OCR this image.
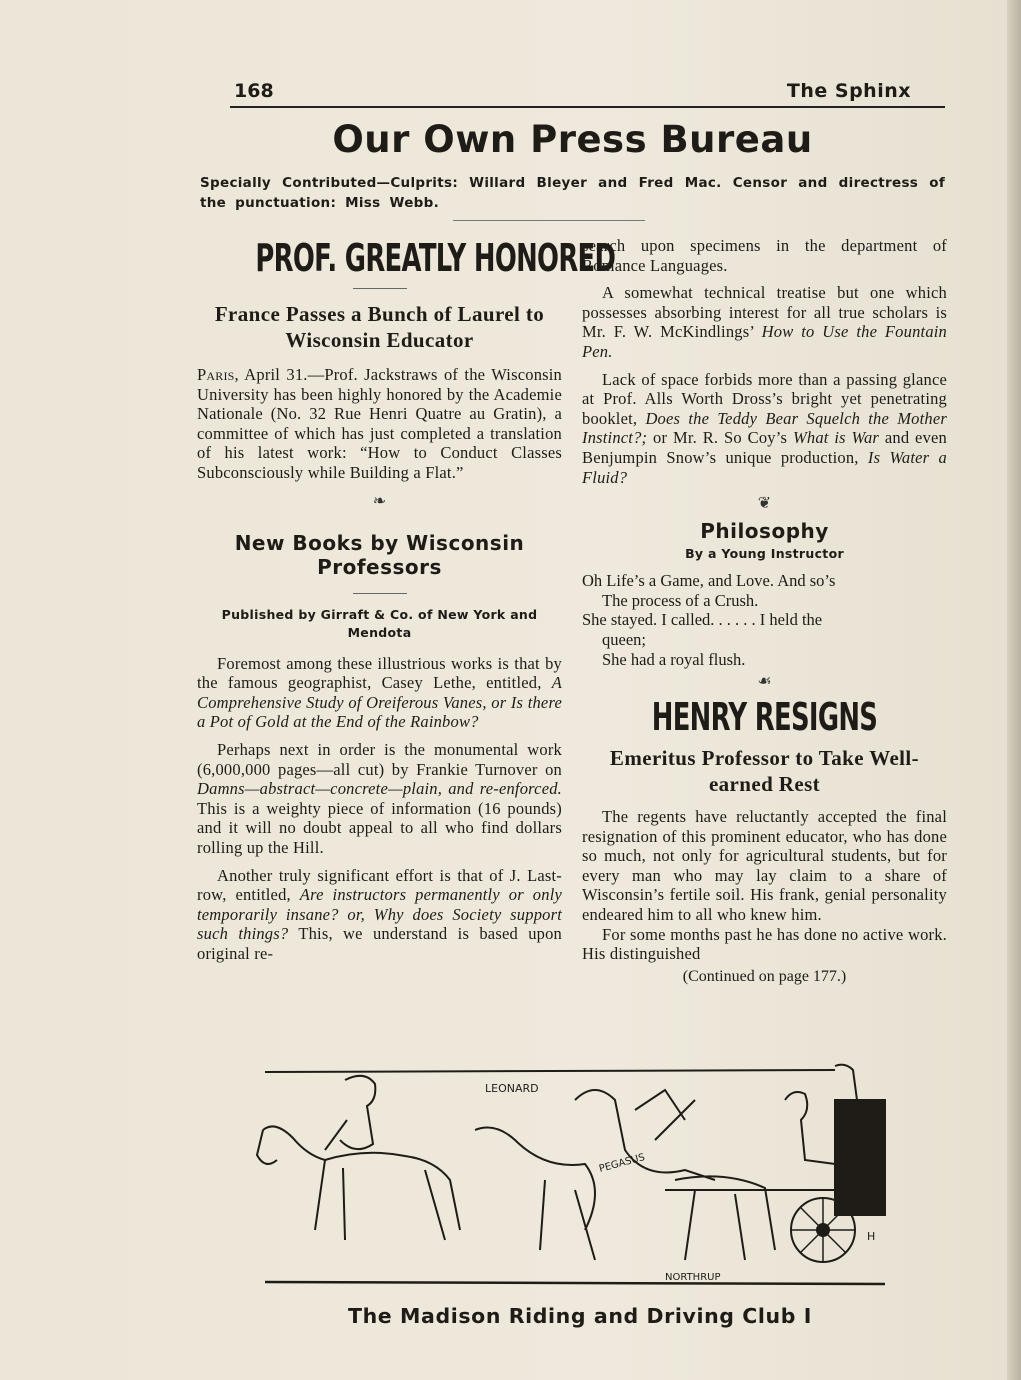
168	The Sphinx
Our Own Press Bureau
Specially Contributed—Culprits: Willard Bleyer and Fred Mac. Censor and directress of the punctuation: Miss Webb.
PROF. GREATLY HONORED
France Passes a Bunch of Laurel to Wisconsin Educator

Paris, April 31.—Prof. Jackstraws of the Wisconsin University has been highly honored by the Academie Nationale (No. 32 Rue Henri Quatre au Gratin), a committee of which has just completed a translation of his latest work: “How to Conduct Classes Subconsciously while Building a Flat.”

❧
New Books by Wisconsin Professors
Published by Girraft & Co. of New York and Mendota

Foremost among these illustrious works is that by the famous geographist, Casey Lethe, entitled, A Comprehensive Study of Oreiferous Vanes, or Is there a Pot of Gold at the End of the Rainbow?

Perhaps next in order is the monumental work (6,000,000 pages—all cut) by Frankie Turnover on Damns—abstract—concrete—plain, and re-enforced. This is a weighty piece of information (16 pounds) and it will no doubt appeal to all who find dollars rolling up the Hill.

Another truly significant effort is that of J. Last-row, entitled, Are instructors permanently or only temporarily insane? or, Why does Society support such things? This, we understand is based upon original re-

search upon specimens in the department of Romance Languages.

A somewhat technical treatise but one which possesses absorbing interest for all true scholars is Mr. F. W. McKindlings’ How to Use the Fountain Pen.

Lack of space forbids more than a passing glance at Prof. Alls Worth Dross’s bright yet penetrating booklet, Does the Teddy Bear Squelch the Mother Instinct?; or Mr. R. So Coy’s What is War and even Benjumpin Snow’s unique production, Is Water a Fluid?

❦
Philosophy
By a Young Instructor
Oh Life’s a Game, and Love. And so’s
The process of a Crush.
She stayed. I called. . . . . . I held the
queen;
She had a royal flush.
☙
HENRY RESIGNS
Emeritus Professor to Take Well-earned Rest

The regents have reluctantly accepted the final resignation of this prominent educator, who has done so much, not only for agricultural students, but for every man who may lay claim to a share of Wisconsin’s fertile soil. His frank, genial personality endeared him to all who knew him.

For some months past he has done no active work. His distinguished

(Continued on page 177.)
LEONARD
PEGASUS
NORTHRUP
H
The Madison Riding and Driving Club I
